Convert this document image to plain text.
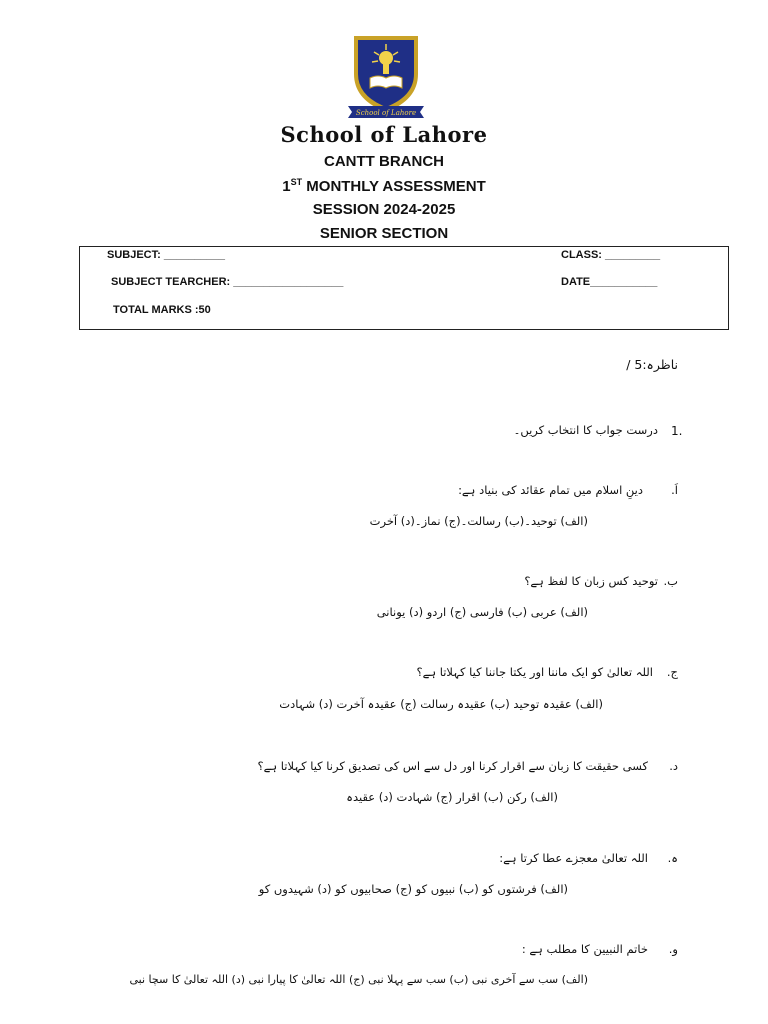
School of Lahore
School of Lahore
CANTT BRANCH
1ST MONTHLY ASSESSMENT
SESSION 2024-2025
SENIOR SECTION
SUBJECT: __________	CLASS: _________
SUBJECT TEARCHER: __________________	DATE___________
TOTAL MARKS :50
ناظرہ:5 /
1.
درست جواب کا انتخاب کریں۔
اَ.
دینِ اسلام میں تمام عقائد کی بنیاد ہے:
(الف) توحید۔(ب) رسالت۔(ج) نماز۔(د) آخرت
ب.
توحید کس زبان کا لفظ ہے؟
(الف) عربی (ب) فارسی (ج) اردو (د) یونانی
ج.
اللہ تعالیٰ کو ایک ماننا اور یکتا جاننا کیا کہلاتا ہے؟
(الف) عقیدہ توحید (ب) عقیدہ رسالت (ج) عقیدہ آخرت (د) شہادت
د.
کسی حقیقت کا زبان سے اقرار کرنا اور دل سے اس کی تصدیق کرنا کیا کہلاتا ہے؟
(الف) رکن (ب) اقرار (ج) شہادت (د) عقیدہ
ہ.
اللہ تعالیٰ معجزے عطا کرتا ہے:
(الف) فرشتوں کو (ب) نبیوں کو (ج) صحابیوں کو (د) شہیدوں کو
و.
خاتم النبیین کا مطلب ہے :
(الف) سب سے آخری نبی (ب) سب سے پہلا نبی (ج) اللہ تعالیٰ کا پیارا نبی (د) اللہ تعالیٰ کا سچا نبی
